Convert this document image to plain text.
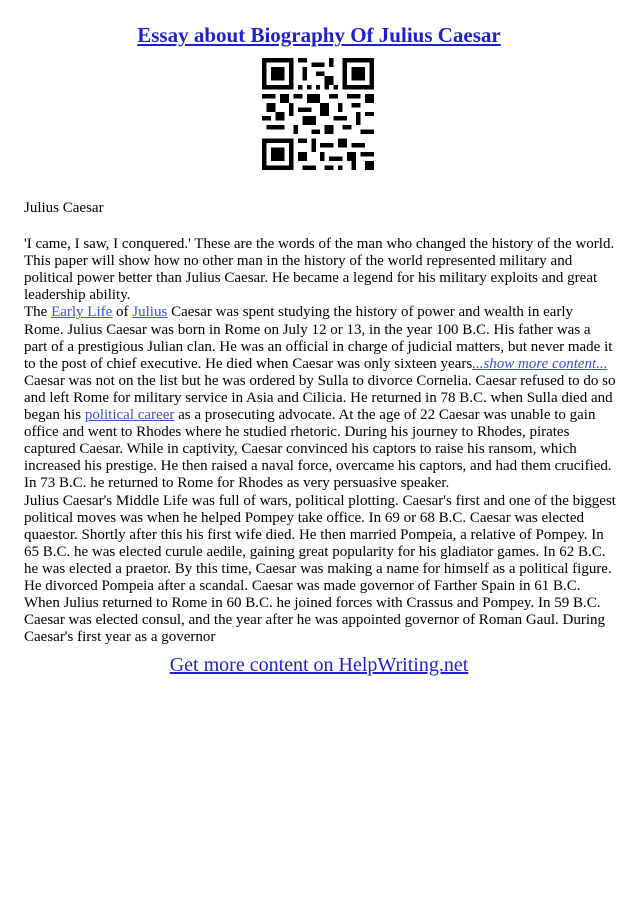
Essay about Biography Of Julius Caesar

Julius Caesar

'I came, I saw, I conquered.' These are the words of the man who changed the history of the world. This paper will show how no other man in the history of the world represented military and political power better than Julius Caesar. He became a legend for his military exploits and great leadership ability.

The Early Life of Julius Caesar was spent studying the history of power and wealth in early Rome. Julius Caesar was born in Rome on July 12 or 13, in the year 100 B.C. His father was a part of a prestigious Julian clan. He was an official in charge of judicial matters, but never made it to the post of chief executive. He died when Caesar was only sixteen years...show more content...

Caesar was not on the list but he was ordered by Sulla to divorce Cornelia. Caesar refused to do so and left Rome for military service in Asia and Cilicia. He returned in 78 B.C. when Sulla died and began his political career as a prosecuting advocate. At the age of 22 Caesar was unable to gain office and went to Rhodes where he studied rhetoric. During his journey to Rhodes, pirates captured Caesar. While in captivity, Caesar convinced his captors to raise his ransom, which increased his prestige. He then raised a naval force, overcame his captors, and had them crucified. In 73 B.C. he returned to Rome for Rhodes as very persuasive speaker.

Julius Caesar's Middle Life was full of wars, political plotting. Caesar's first and one of the biggest political moves was when he helped Pompey take office. In 69 or 68 B.C. Caesar was elected quaestor. Shortly after this his first wife died. He then married Pompeia, a relative of Pompey. In 65 B.C. he was elected curule aedile, gaining great popularity for his gladiator games. In 62 B.C. he was elected a praetor. By this time, Caesar was making a name for himself as a political figure. He divorced Pompeia after a scandal. Caesar was made governor of Farther Spain in 61 B.C. When Julius returned to Rome in 60 B.C. he joined forces with Crassus and Pompey. In 59 B.C. Caesar was elected consul, and the year after he was appointed governor of Roman Gaul. During Caesar's first year as a governor

Get more content on HelpWriting.net
